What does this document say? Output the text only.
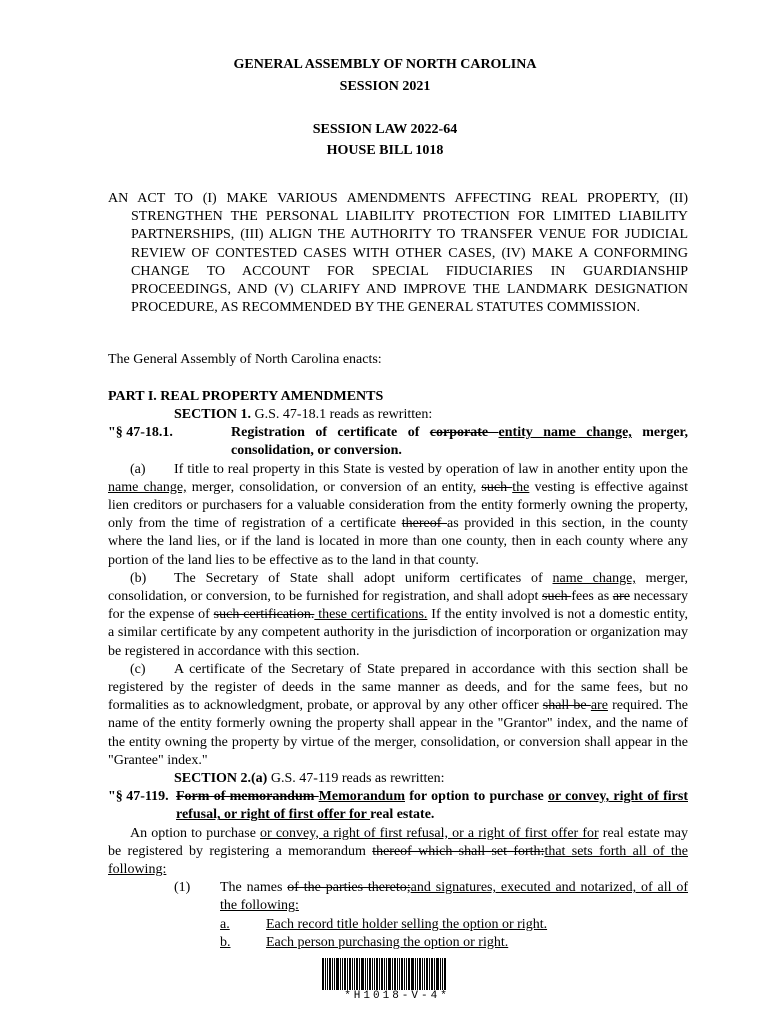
GENERAL ASSEMBLY OF NORTH CAROLINA
SESSION 2021
SESSION LAW 2022-64
HOUSE BILL 1018
AN ACT TO (I) MAKE VARIOUS AMENDMENTS AFFECTING REAL PROPERTY, (II)
STRENGTHEN THE PERSONAL LIABILITY PROTECTION FOR LIMITED LIABILITY PARTNERSHIPS, (III) ALIGN THE AUTHORITY TO TRANSFER VENUE FOR JUDICIAL REVIEW OF CONTESTED CASES WITH OTHER CASES, (IV) MAKE A CONFORMING CHANGE TO ACCOUNT FOR SPECIAL FIDUCIARIES IN GUARDIANSHIP PROCEEDINGS, AND (V) CLARIFY AND IMPROVE THE LANDMARK DESIGNATION PROCEDURE, AS RECOMMENDED BY THE GENERAL STATUTES COMMISSION.
The General Assembly of North Carolina enacts:
PART I. REAL PROPERTY AMENDMENTS
SECTION 1. G.S. 47-18.1 reads as rewritten:
"§ 47-18.1.	Registration of certificate of corporate entity name change, merger, consolidation, or conversion.
(a) If title to real property in this State is vested by operation of law in another entity upon the name change, merger, consolidation, or conversion of an entity, such the vesting is effective against lien creditors or purchasers for a valuable consideration from the entity formerly owning the property, only from the time of registration of a certificate thereof as provided in this section, in the county where the land lies, or if the land is located in more than one county, then in each county where any portion of the land lies to be effective as to the land in that county.
(b) The Secretary of State shall adopt uniform certificates of name change, merger, consolidation, or conversion, to be furnished for registration, and shall adopt such fees as are necessary for the expense of such certification. these certifications. If the entity involved is not a domestic entity, a similar certificate by any competent authority in the jurisdiction of incorporation or organization may be registered in accordance with this section.
(c) A certificate of the Secretary of State prepared in accordance with this section shall be registered by the register of deeds in the same manner as deeds, and for the same fees, but no formalities as to acknowledgment, probate, or approval by any other officer shall be are required. The name of the entity formerly owning the property shall appear in the "Grantor" index, and the name of the entity owning the property by virtue of the merger, consolidation, or conversion shall appear in the "Grantee" index."
SECTION 2.(a) G.S. 47-119 reads as rewritten:
"§ 47-119. Form of memorandum Memorandum for option to purchase or convey, right of first refusal, or right of first offer for real estate.
An option to purchase or convey, a right of first refusal, or a right of first offer for real estate may be registered by registering a memorandum thereof which shall set forth:that sets forth all of the following:
(1)	The names of the parties thereto;and signatures, executed and notarized, of all of the following:
a.	Each record title holder selling the option or right.
b.	Each person purchasing the option or right.
*H1018-V-4*
